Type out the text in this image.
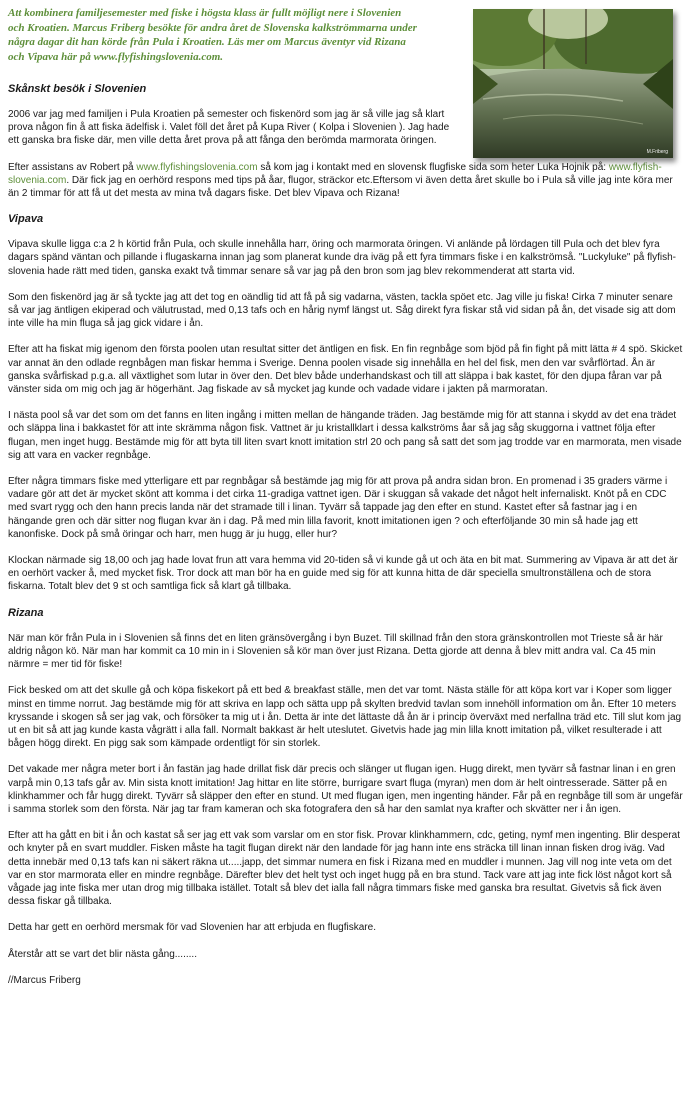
Att kombinera familjesemester med fiske i högsta klass är fullt möjligt nere i Slovenien och Kroatien. Marcus Friberg besökte för andra året de Slovenska kalkströmmarna under några dagar dit han körde från Pula i Kroatien. Läs mer om Marcus äventyr vid Rizana och Vipava här på www.flyfishingslovenia.com.

M.Friberg
Skånskt besök i Slovenien

2006 var jag med familjen i Pula Kroatien på semester och fiskenörd som jag är så ville jag så klart prova någon fin å att fiska ädelfisk i. Valet föll det året på Kupa River ( Kolpa i Slovenien ). Jag hade ett ganska bra fiske där, men ville detta året prova på att fånga den berömda marmorata öringen.

Efter assistans av Robert på www.flyfishingslovenia.com så kom jag i kontakt med en slovensk flugfiske sida som heter Luka Hojnik på: www.flyfish-slovenia.com. Där fick jag en oerhörd respons med tips på åar, flugor, sträckor etc.Eftersom vi även detta året skulle bo i Pula så ville jag inte köra mer än 2 timmar för att få ut det mesta av mina två dagars fiske. Det blev Vipava och Rizana!

Vipava

Vipava skulle ligga c:a 2 h körtid från Pula, och skulle innehålla harr, öring och marmorata öringen. Vi anlände på lördagen till Pula och det blev fyra dagars spänd väntan och pillande i flugaskarna innan jag som planerat kunde dra iväg på ett fyra timmars fiske i en kalkströmså. "Luckyluke" på flyfish-slovenia hade rätt med tiden, ganska exakt två timmar senare så var jag på den bron som jag blev rekommenderat att starta vid.

Som den fiskenörd jag är så tyckte jag att det tog en oändlig tid att få på sig vadarna, västen, tackla spöet etc. Jag ville ju fiska! Cirka 7 minuter senare så var jag äntligen ekiperad och välutrustad, med 0,13 tafs och en hårig nymf längst ut. Såg direkt fyra fiskar stå vid sidan på ån, det visade sig att dom inte ville ha min fluga så jag gick vidare i ån.

Efter att ha fiskat mig igenom den första poolen utan resultat sitter det äntligen en fisk. En fin regnbåge som bjöd på fin fight på mitt lätta # 4 spö. Skicket var annat än den odlade regnbågen man fiskar hemma i Sverige. Denna poolen visade sig innehålla en hel del fisk, men den var svårflörtad. Ån är ganska svårfiskad p.g.a. all växtlighet som lutar in över den. Det blev både underhandskast och till att släppa i bak kastet, för den djupa fåran var på vänster sida om mig och jag är högerhänt. Jag fiskade av så mycket jag kunde och vadade vidare i jakten på marmoratan.

I nästa pool så var det som om det fanns en liten ingång i mitten mellan de hängande träden. Jag bestämde mig för att stanna i skydd av det ena trädet och släppa lina i bakkastet för att inte skrämma någon fisk. Vattnet är ju kristallklart i dessa kalkströms åar så jag såg skuggorna i vattnet följa efter flugan, men inget hugg. Bestämde mig för att byta till liten svart knott imitation strl 20 och pang så satt det som jag trodde var en marmorata, men visade sig att vara en vacker regnbåge.

Efter några timmars fiske med ytterligare ett par regnbågar så bestämde jag mig för att prova på andra sidan bron. En promenad i 35 graders värme i vadare gör att det är mycket skönt att komma i det cirka 11-gradiga vattnet igen. Där i skuggan så vakade det något helt infernaliskt. Knöt på en CDC med svart rygg och den hann precis landa när det stramade till i linan. Tyvärr så tappade jag den efter en stund. Kastet efter så fastnar jag i en hängande gren och där sitter nog flugan kvar än i dag. På med min lilla favorit, knott imitationen igen ? och efterföljande 30 min så hade jag ett kanonfiske. Dock på små öringar och harr, men hugg är ju hugg, eller hur?

Klockan närmade sig 18,00 och jag hade lovat frun att vara hemma vid 20-tiden så vi kunde gå ut och äta en bit mat. Summering av Vipava är att det är en oerhört vacker å, med mycket fisk. Tror dock att man bör ha en guide med sig för att kunna hitta de där speciella smultronställena och de stora fiskarna. Totalt blev det 9 st och samtliga fick så klart gå tillbaka.

Rizana

När man kör från Pula in i Slovenien så finns det en liten gränsövergång i byn Buzet. Till skillnad från den stora gränskontrollen mot Trieste så är här aldrig någon kö. När man har kommit ca 10 min in i Slovenien så kör man över just Rizana. Detta gjorde att denna å blev mitt andra val. Ca 45 min närmre = mer tid för fiske!

Fick besked om att det skulle gå och köpa fiskekort på ett bed & breakfast ställe, men det var tomt. Nästa ställe för att köpa kort var i Koper som ligger minst en timme norrut. Jag bestämde mig för att skriva en lapp och sätta upp på skylten bredvid tavlan som innehöll information om ån. Efter 10 meters kryssande i skogen så ser jag vak, och försöker ta mig ut i ån. Detta är inte det lättaste då ån är i princip överväxt med nerfallna träd etc. Till slut kom jag ut en bit så att jag kunde kasta vågrätt i alla fall. Normalt bakkast är helt uteslutet. Givetvis hade jag min lilla knott imitation på, vilket resulterade i att bågen högg direkt. En pigg sak som kämpade ordentligt för sin storlek.

Det vakade mer några meter bort i ån fastän jag hade drillat fisk där precis och slänger ut flugan igen. Hugg direkt, men tyvärr så fastnar linan i en gren varpå min 0,13 tafs går av. Min sista knott imitation! Jag hittar en lite större, burrigare svart fluga (myran) men dom är helt ointresserade. Sätter på en klinkhammer och får hugg direkt. Tyvärr så släpper den efter en stund. Ut med flugan igen, men ingenting händer. Får på en regnbåge till som är ungefär i samma storlek som den första. När jag tar fram kameran och ska fotografera den så har den samlat nya krafter och skvätter ner i ån igen.

Efter att ha gått en bit i ån och kastat så ser jag ett vak som varslar om en stor fisk. Provar klinkhammern, cdc, geting, nymf men ingenting. Blir desperat och knyter på en svart muddler. Fisken måste ha tagit flugan direkt när den landade för jag hann inte ens sträcka till linan innan fisken drog iväg. Vad detta innebär med 0,13 tafs kan ni säkert räkna ut.....japp, det simmar numera en fisk i Rizana med en muddler i munnen. Jag vill nog inte veta om det var en stor marmorata eller en mindre regnbåge. Därefter blev det helt tyst och inget hugg på en bra stund. Tack vare att jag inte fick löst något kort så vågade jag inte fiska mer utan drog mig tillbaka istället. Totalt så blev det ialla fall några timmars fiske med ganska bra resultat. Givetvis så fick även dessa fiskar gå tillbaka.

Detta har gett en oerhörd mersmak för vad Slovenien har att erbjuda en flugfiskare.

Återstår att se vart det blir nästa gång........

//Marcus Friberg
